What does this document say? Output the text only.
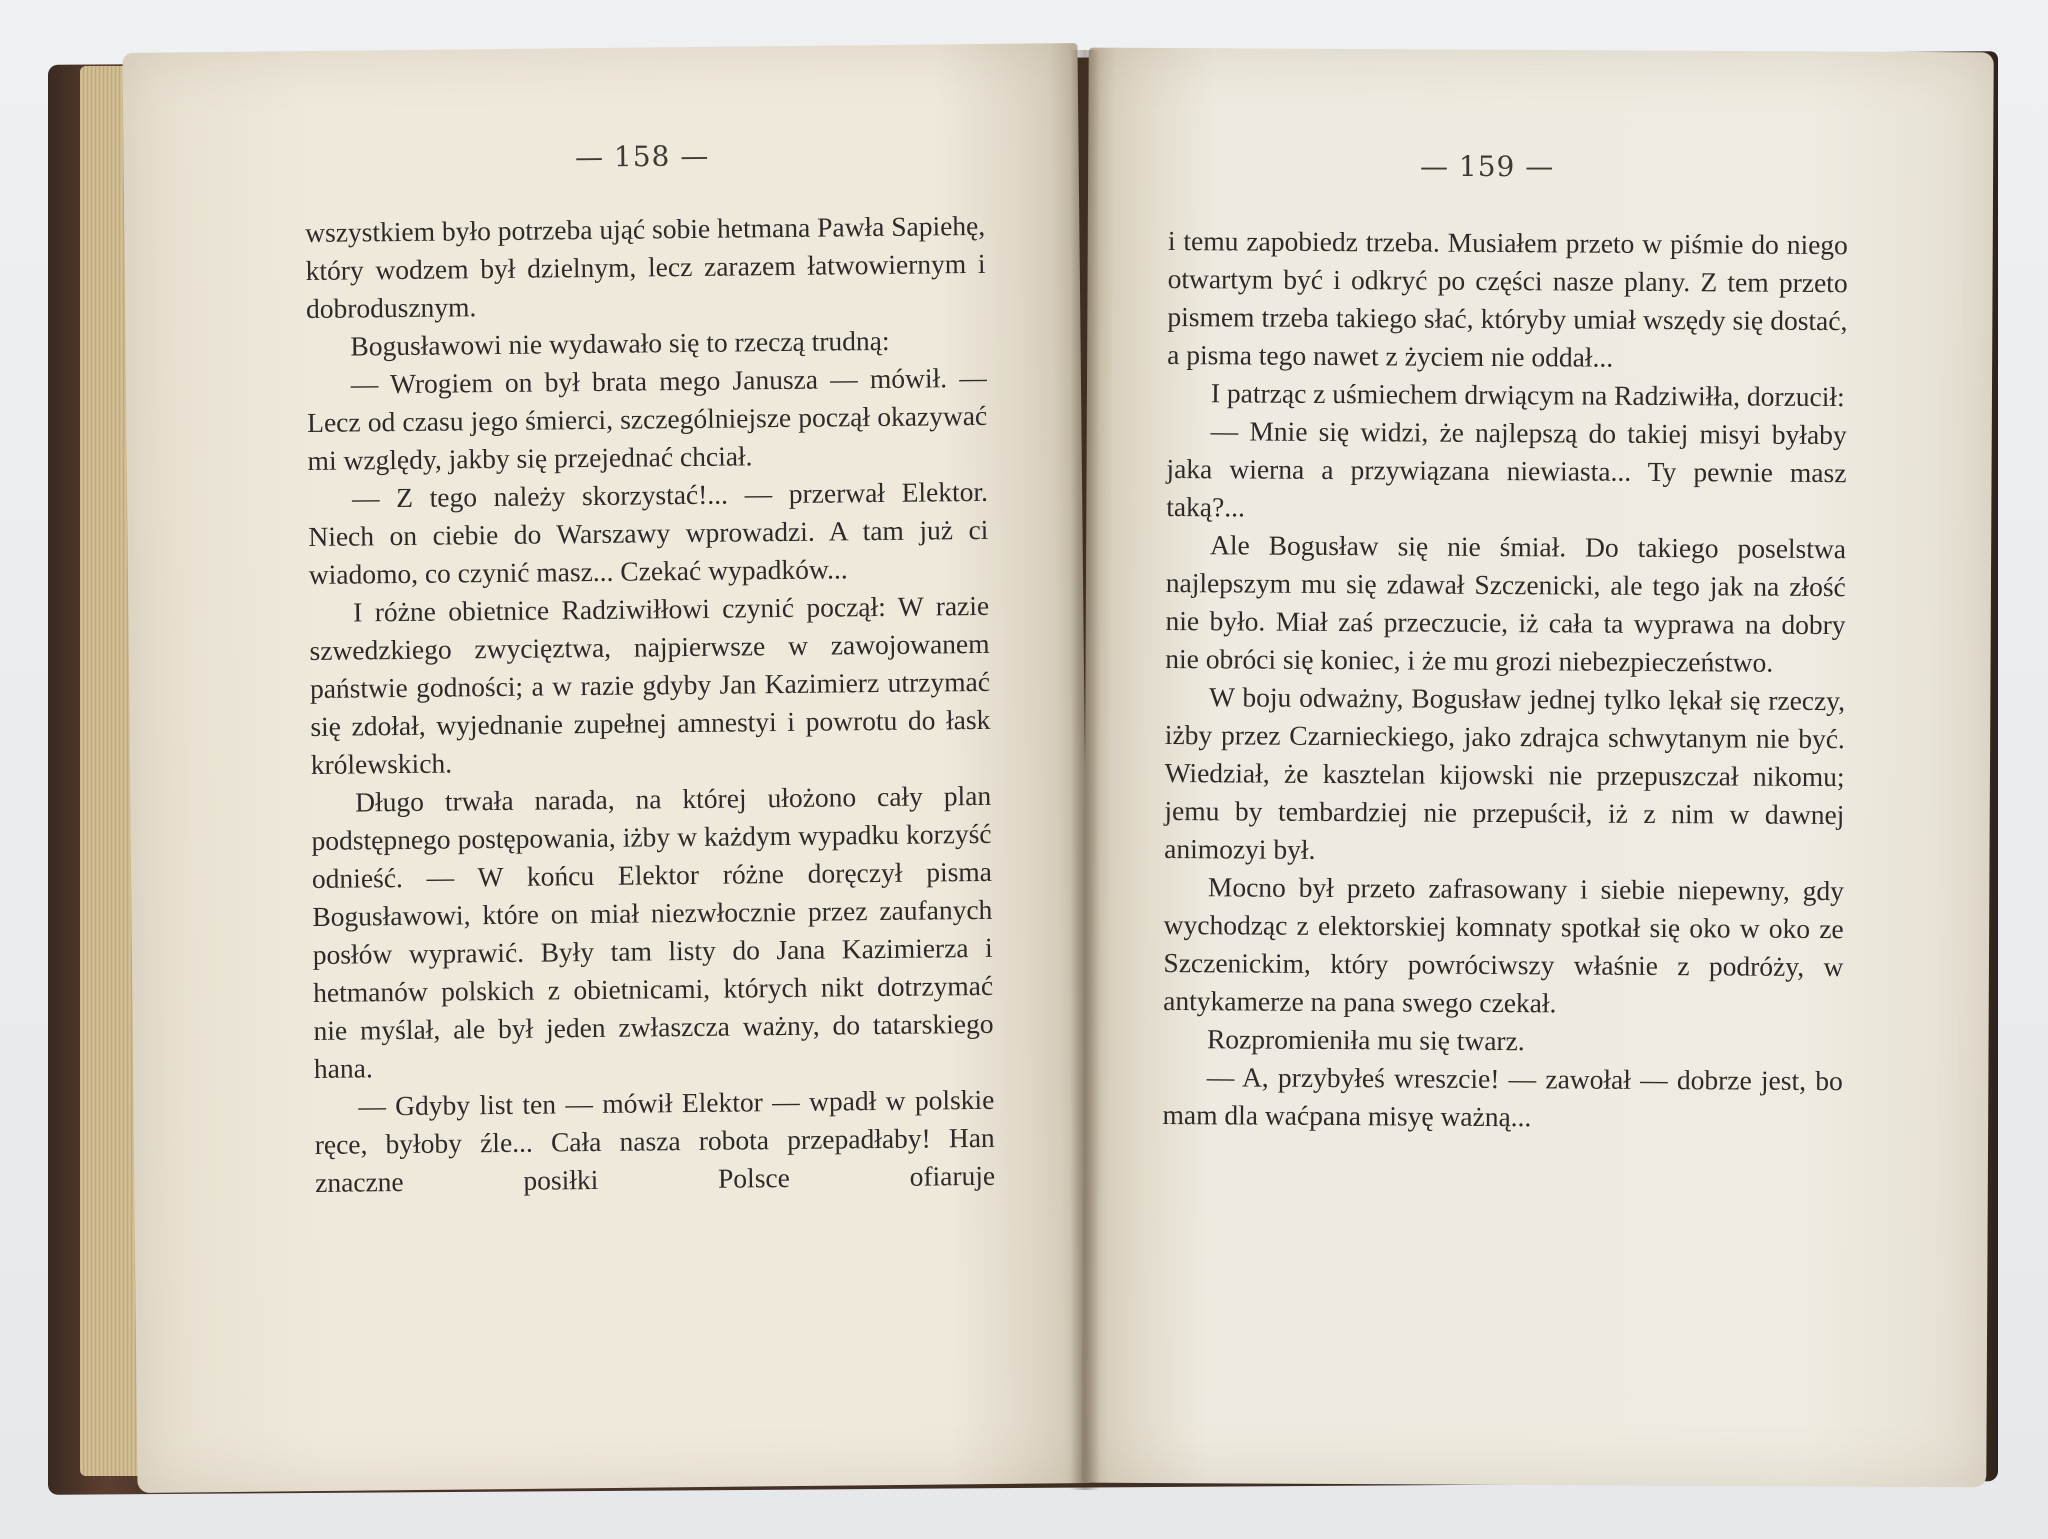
— 158 —	— 159 —

wszystkiem było potrzeba ująć sobie hetmana Pawła Sapiehę, który wodzem był dzielnym, lecz zarazem łatwowiernym i dobrodusznym.

Bogusławowi nie wydawało się to rzeczą trudną:

— Wrogiem on był brata mego Janusza — mówił. — Lecz od czasu jego śmierci, szczególniejsze począł okazywać mi względy, jakby się przejednać chciał.

— Z tego należy skorzystać!... — przerwał Elektor. Niech on ciebie do Warszawy wprowadzi. A tam już ci wiadomo, co czynić masz... Czekać wypadków...

I różne obietnice Radziwiłłowi czynić począł: W razie szwedzkiego zwycięztwa, najpierwsze w zawojowanem państwie godności; a w razie gdyby Jan Kazimierz utrzymać się zdołał, wyjednanie zupełnej amnestyi i powrotu do łask królewskich.

Długo trwała narada, na której ułożono cały plan podstępnego postępowania, iżby w każdym wypadku korzyść odnieść. — W końcu Elektor różne doręczył pisma Bogusławowi, które on miał niezwłocznie przez zaufanych posłów wyprawić. Były tam listy do Jana Kazimierza i hetmanów polskich z obietnicami, których nikt dotrzymać nie myślał, ale był jeden zwłaszcza ważny, do tatarskiego hana.

— Gdyby list ten — mówił Elektor — wpadł w polskie ręce, byłoby źle... Cała nasza robota przepadłaby! Han znaczne posiłki Polsce ofiaruje

i temu zapobiedz trzeba. Musiałem przeto w piśmie do niego otwartym być i odkryć po części nasze plany. Z tem przeto pismem trzeba takiego słać, któryby umiał wszędy się dostać, a pisma tego nawet z życiem nie oddał...

I patrząc z uśmiechem drwiącym na Radziwiłła, dorzucił:

— Mnie się widzi, że najlepszą do takiej misyi byłaby jaka wierna a przywiązana niewiasta... Ty pewnie masz taką?...

Ale Bogusław się nie śmiał. Do takiego poselstwa najlepszym mu się zdawał Szczenicki, ale tego jak na złość nie było. Miał zaś przeczucie, iż cała ta wyprawa na dobry nie obróci się koniec, i że mu grozi niebezpieczeństwo.

W boju odważny, Bogusław jednej tylko lękał się rzeczy, iżby przez Czarnieckiego, jako zdrajca schwytanym nie być. Wiedział, że kasztelan kijowski nie przepuszczał nikomu; jemu by tembardziej nie przepuścił, iż z nim w dawnej animozyi był.

Mocno był przeto zafrasowany i siebie niepewny, gdy wychodząc z elektorskiej komnaty spotkał się oko w oko ze Szczenickim, który powróciwszy właśnie z podróży, w antykamerze na pana swego czekał.

Rozpromieniła mu się twarz.

— A, przybyłeś wreszcie! — zawołał — dobrze jest, bo mam dla waćpana misyę ważną...
